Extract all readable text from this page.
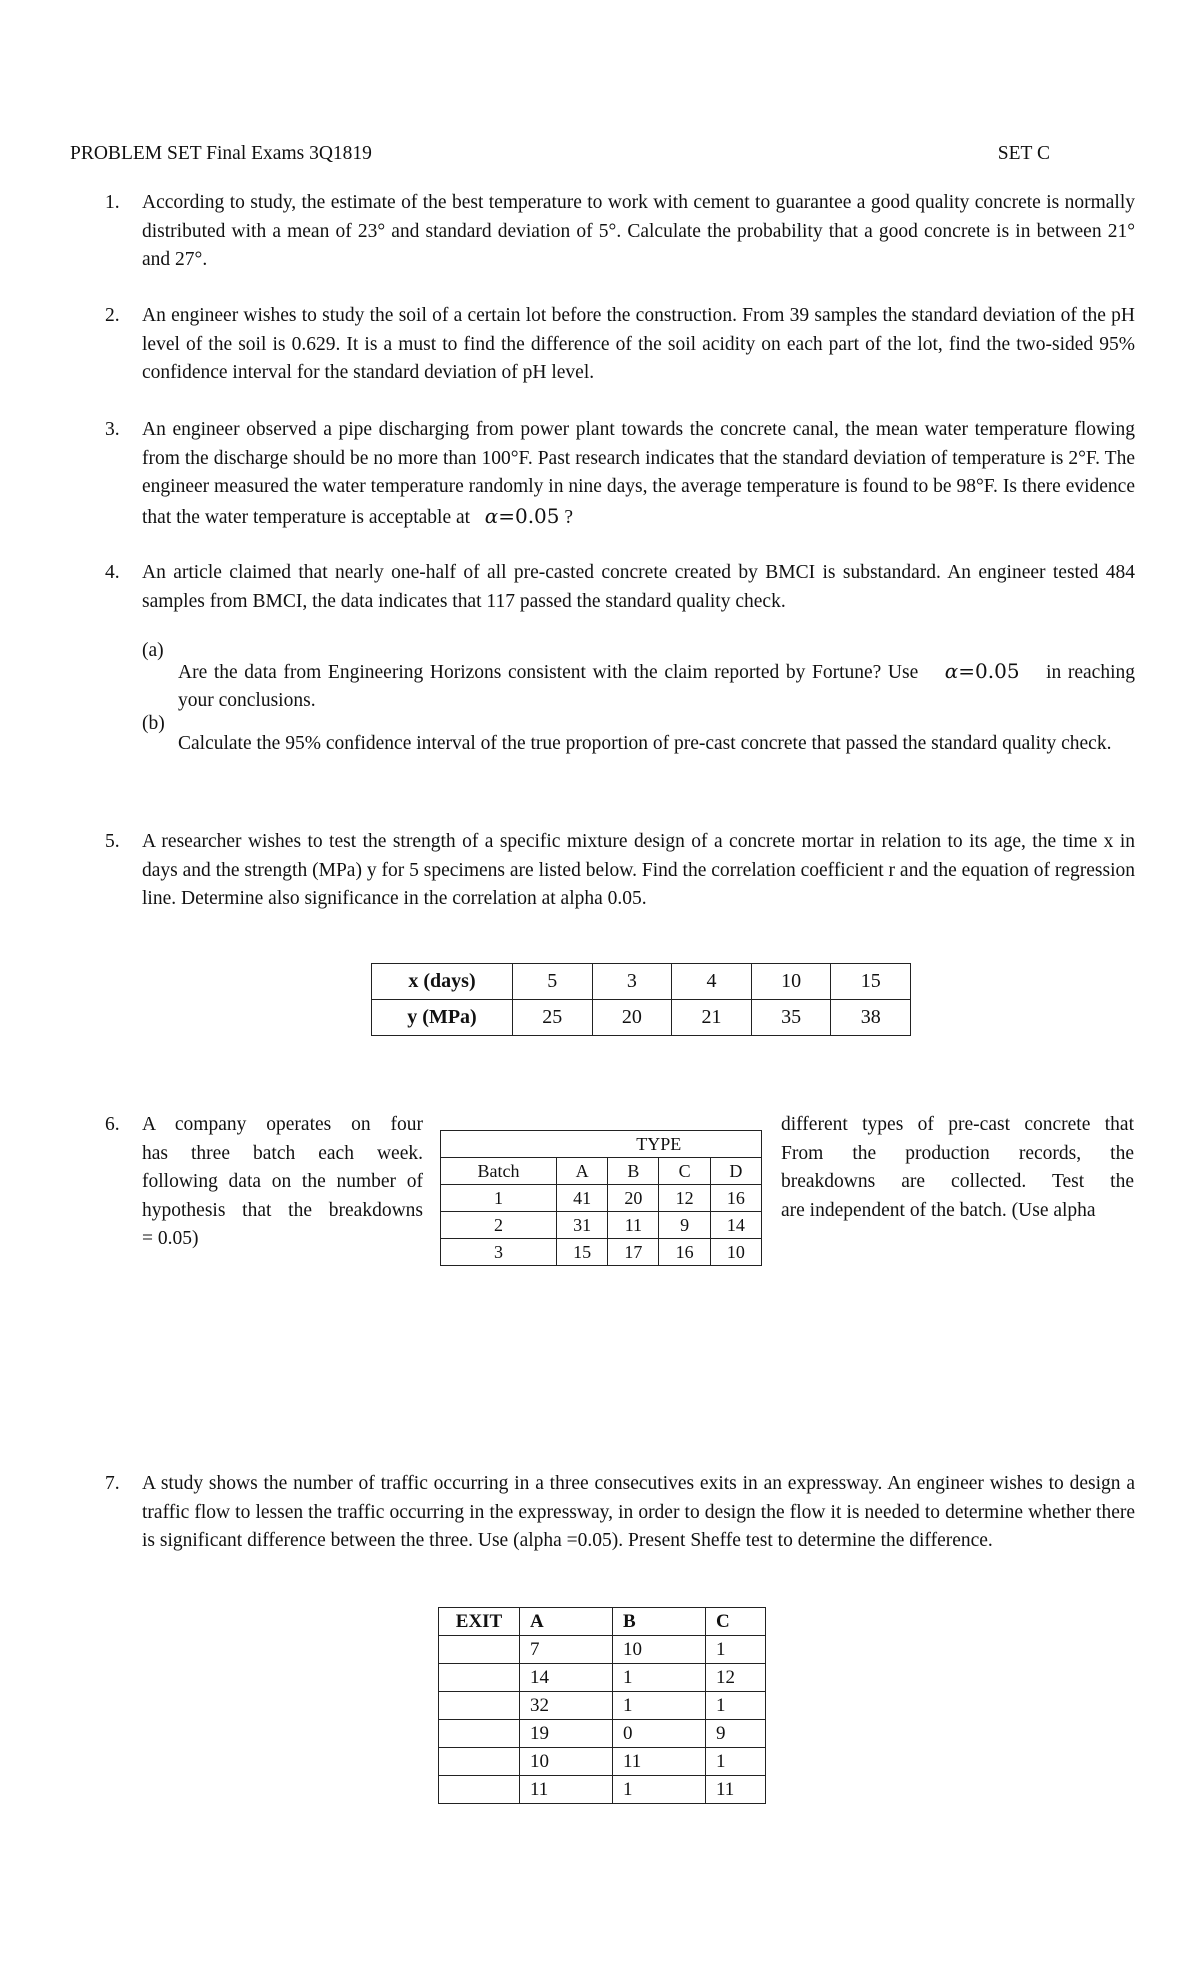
PROBLEM SET Final Exams 3Q1819	SET C
1. According to study, the estimate of the best temperature to work with cement to guarantee a good quality concrete is normally distributed with a mean of 23° and standard deviation of 5°. Calculate the probability that a good concrete is in between 21° and 27°.

2. An engineer wishes to study the soil of a certain lot before the construction. From 39 samples the standard deviation of the pH level of the soil is 0.629. It is a must to find the difference of the soil acidity on each part of the lot, find the two-sided 95% confidence interval for the standard deviation of pH level.

3. An engineer observed a pipe discharging from power plant towards the concrete canal, the mean water temperature flowing from the discharge should be no more than 100°F. Past research indicates that the standard deviation of temperature is 2°F. The engineer measured the water temperature randomly in nine days, the average temperature is found to be 98°F. Is there evidence that the water temperature is acceptable at α=0.05 ?

4. An article claimed that nearly one-half of all pre-casted concrete created by BMCI is substandard. An engineer tested 484 samples from BMCI, the data indicates that 117 passed the standard quality check.

(a)

Are the data from Engineering Horizons consistent with the claim reported by Fortune? Use α=0.05 in reaching your conclusions.

(b)

Calculate the 95% confidence interval of the true proportion of pre-cast concrete that passed the standard quality check.

5. A researcher wishes to test the strength of a specific mixture design of a concrete mortar in relation to its age, the time x in days and the strength (MPa) y for 5 specimens are listed below. Find the correlation coefficient r and the equation of regression line. Determine also significance in the correlation at alpha 0.05.

x (days)	5	3	4	10	15
y (MPa)	25	20	21	35	38
6. A company operates on four
has three batch each week.
following data on the number of
hypothesis that the breakdowns
= 0.05)
	TYPE			
Batch	A	B	C	D
1	41	20	12	16
2	31	11	9	14
3	15	17	16	10
different types of pre-cast concrete that
From the production records, the
breakdowns are collected. Test the
are independent of the batch. (Use alpha
7. A study shows the number of traffic occurring in a three consecutives exits in an expressway. An engineer wishes to design a traffic flow to lessen the traffic occurring in the expressway, in order to design the flow it is needed to determine whether there is significant difference between the three. Use (alpha =0.05). Present Sheffe test to determine the difference.

EXIT	A	B	C
	7	10	1
	14	1	12
	32	1	1
	19	0	9
	10	11	1
	11	1	11
